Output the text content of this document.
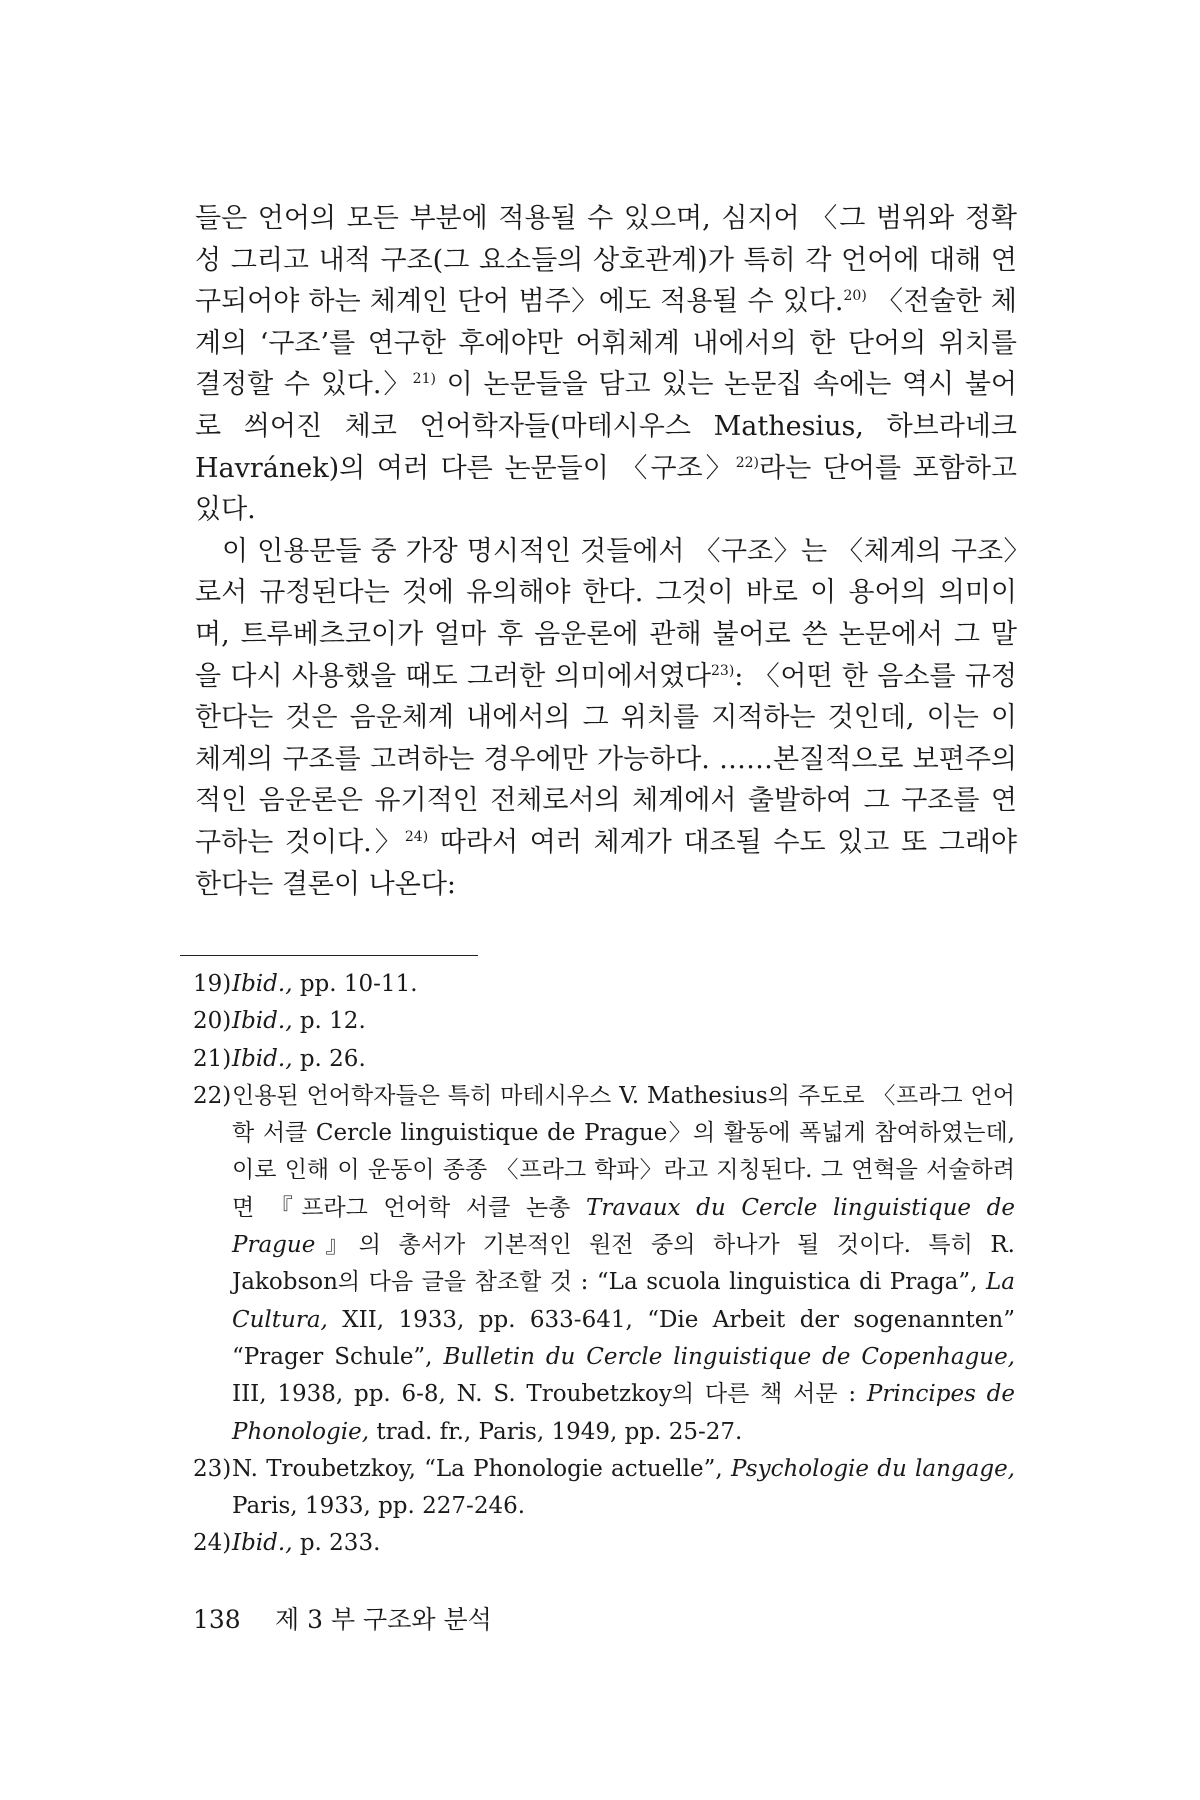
들은 언어의 모든 부분에 적용될 수 있으며, 심지어 〈그 범위와 정확성 그리고 내적 구조(그 요소들의 상호관계)가 특히 각 언어에 대해 연구되어야 하는 체계인 단어 범주〉에도 적용될 수 있다.$^{20)}$ 〈전술한 체계의 ‘구조’를 연구한 후에야만 어휘체계 내에서의 한 단어의 위치를 결정할 수 있다.〉$^{21)}$ 이 논문들을 담고 있는 논문집 속에는 역시 불어로 씌어진 체코 언어학자들(마테시우스 Mathesius, 하브라네크 Havránek)의 여러 다른 논문들이 〈구조〉$^{22)}$라는 단어를 포함하고 있다.

이 인용문들 중 가장 명시적인 것들에서 〈구조〉는 〈체계의 구조〉로서 규정된다는 것에 유의해야 한다. 그것이 바로 이 용어의 의미이며, 트루베츠코이가 얼마 후 음운론에 관해 불어로 쓴 논문에서 그 말을 다시 사용했을 때도 그러한 의미에서였다$^{23)}$: 〈어떤 한 음소를 규정한다는 것은 음운체계 내에서의 그 위치를 지적하는 것인데, 이는 이 체계의 구조를 고려하는 경우에만 가능하다. ……본질적으로 보편주의적인 음운론은 유기적인 전체로서의 체계에서 출발하여 그 구조를 연구하는 것이다.〉$^{24)}$ 따라서 여러 체계가 대조될 수도 있고 또 그래야 한다는 결론이 나온다:

19) Ibid., pp. 10-11.
20) Ibid., p. 12.
21) Ibid., p. 26.
22) 인용된 언어학자들은 특히 마테시우스 V. Mathesius의 주도로 〈프라그 언어학 서클 Cercle linguistique de Prague〉의 활동에 폭넓게 참여하였는데, 이로 인해 이 운동이 종종 〈프라그 학파〉라고 지칭된다. 그 연혁을 서술하려면 『프라그 언어학 서클 논총 Travaux du Cercle linguistique de Prague』의 총서가 기본적인 원전 중의 하나가 될 것이다. 특히 R. Jakobson의 다음 글을 참조할 것 : “La scuola linguistica di Praga”, La Cultura, XII, 1933, pp. 633-641, “Die Arbeit der sogenannten” “Prager Schule”, Bulletin du Cercle linguistique de Copenhague, III, 1938, pp. 6-8, N. S. Troubetzkoy의 다른 책 서문 : Principes de Phonologie, trad. fr., Paris, 1949, pp. 25-27.
23) N. Troubetzkoy, “La Phonologie actuelle”, Psychologie du langage, Paris, 1933, pp. 227-246.
24) Ibid., p. 233.
138 제 3 부 구조와 분석
